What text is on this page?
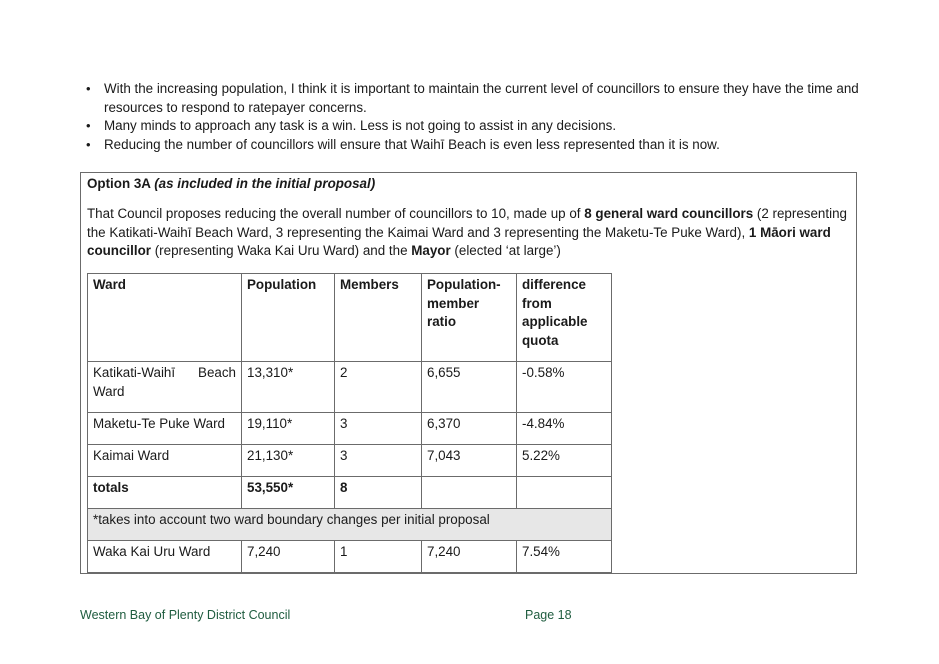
• With the increasing population, I think it is important to maintain the current level of councillors to ensure they have the time and resources to respond to ratepayer concerns.
• Many minds to approach any task is a win. Less is not going to assist in any decisions.
• Reducing the number of councillors will ensure that Waihī Beach is even less represented than it is now.
Option 3A (as included in the initial proposal)
That Council proposes reducing the overall number of councillors to 10, made up of 8 general ward councillors (2 representing the Katikati-Waihī Beach Ward, 3 representing the Kaimai Ward and 3 representing the Maketu-Te Puke Ward), 1 Māori ward councillor (representing Waka Kai Uru Ward) and the Mayor (elected ‘at large’)
Ward	Population	Members	Population-member ratio	difference from applicable quota
Katikati-Waihī Beach Ward	13,310*	2	6,655	-0.58%
Maketu-Te Puke Ward	19,110*	3	6,370	-4.84%
Kaimai Ward	21,130*	3	7,043	5.22%
totals	53,550*	8		
*takes into account two ward boundary changes per initial proposal				
Waka Kai Uru Ward	7,240	1	7,240	7.54%
Western Bay of Plenty District Council	Page 18
